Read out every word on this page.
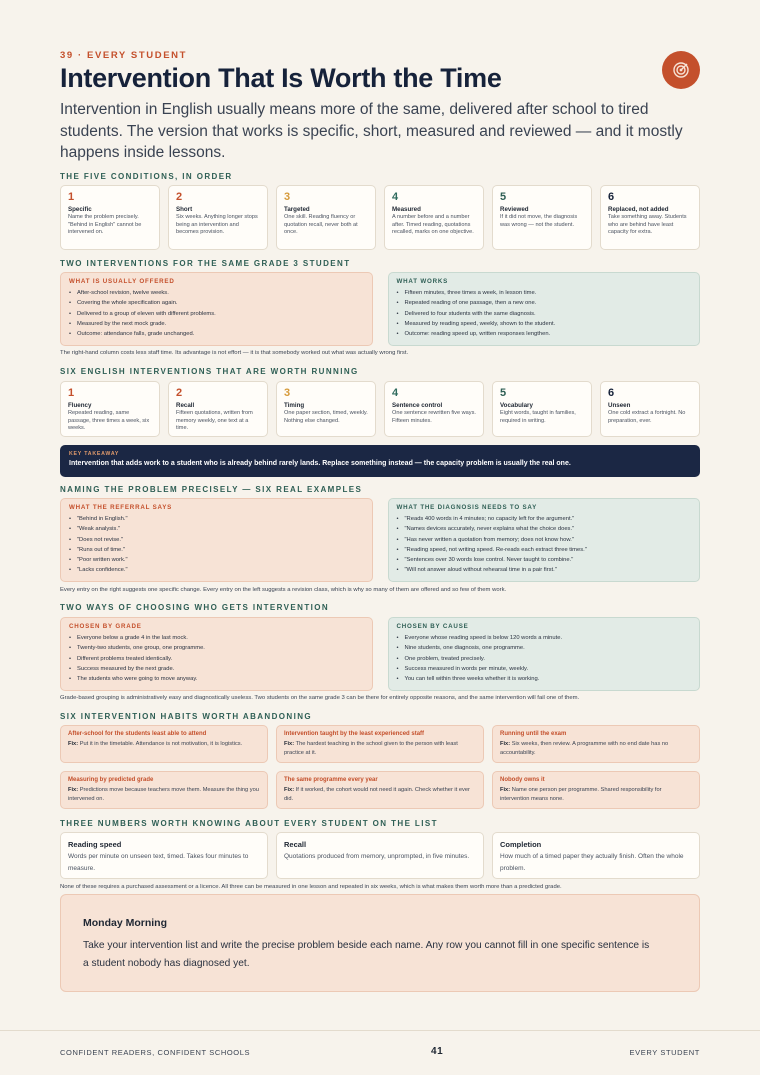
39 · EVERY STUDENT
Intervention That Is Worth the Time
Intervention in English usually means more of the same, delivered after school to tired students. The version that works is specific, short, measured and reviewed — and it mostly happens inside lessons.
THE FIVE CONDITIONS, IN ORDER
1
Specific
Name the problem precisely. "Behind in English" cannot be intervened on.
2
Short
Six weeks. Anything longer stops being an intervention and becomes provision.
3
Targeted
One skill. Reading fluency or quotation recall, never both at once.
4
Measured
A number before and a number after. Timed reading, quotations recalled, marks on one objective.
5
Reviewed
If it did not move, the diagnosis was wrong — not the student.
6
Replaced, not added
Take something away. Students who are behind have least capacity for extra.
TWO INTERVENTIONS FOR THE SAME GRADE 3 STUDENT
WHAT IS USUALLY OFFERED
• After-school revision, twelve weeks.
• Covering the whole specification again.
• Delivered to a group of eleven with different problems.
• Measured by the next mock grade.
• Outcome: attendance falls, grade unchanged.
WHAT WORKS
• Fifteen minutes, three times a week, in lesson time.
• Repeated reading of one passage, then a new one.
• Delivered to four students with the same diagnosis.
• Measured by reading speed, weekly, shown to the student.
• Outcome: reading speed up, written responses lengthen.
The right-hand column costs less staff time. Its advantage is not effort — it is that somebody worked out what was actually wrong first.
SIX ENGLISH INTERVENTIONS THAT ARE WORTH RUNNING
1
Fluency
Repeated reading, same passage, three times a week, six weeks.
2
Recall
Fifteen quotations, written from memory weekly, one text at a time.
3
Timing
One paper section, timed, weekly. Nothing else changed.
4
Sentence control
One sentence rewritten five ways. Fifteen minutes.
5
Vocabulary
Eight words, taught in families, required in writing.
6
Unseen
One cold extract a fortnight. No preparation, ever.
KEY TAKEAWAY
Intervention that adds work to a student who is already behind rarely lands. Replace something instead — the capacity problem is usually the real one.
NAMING THE PROBLEM PRECISELY — SIX REAL EXAMPLES
WHAT THE REFERRAL SAYS
• "Behind in English."
• "Weak analysis."
• "Does not revise."
• "Runs out of time."
• "Poor written work."
• "Lacks confidence."
WHAT THE DIAGNOSIS NEEDS TO SAY
• "Reads 400 words in 4 minutes; no capacity left for the argument."
• "Names devices accurately, never explains what the choice does."
• "Has never written a quotation from memory; does not know how."
• "Reading speed, not writing speed. Re-reads each extract three times."
• "Sentences over 30 words lose control. Never taught to combine."
• "Will not answer aloud without rehearsal time in a pair first."
Every entry on the right suggests one specific change. Every entry on the left suggests a revision class, which is why so many of them are offered and so few of them work.
TWO WAYS OF CHOOSING WHO GETS INTERVENTION
CHOSEN BY GRADE
• Everyone below a grade 4 in the last mock.
• Twenty-two students, one group, one programme.
• Different problems treated identically.
• Success measured by the next grade.
• The students who were going to move anyway.
CHOSEN BY CAUSE
• Everyone whose reading speed is below 120 words a minute.
• Nine students, one diagnosis, one programme.
• One problem, treated precisely.
• Success measured in words per minute, weekly.
• You can tell within three weeks whether it is working.
Grade-based grouping is administratively easy and diagnostically useless. Two students on the same grade 3 can be there for entirely opposite reasons, and the same intervention will fail one of them.
SIX INTERVENTION HABITS WORTH ABANDONING
After-school for the students least able to attend
Fix: Put it in the timetable. Attendance is not motivation, it is logistics.
Intervention taught by the least experienced staff
Fix: The hardest teaching in the school given to the person with least practice at it.
Running until the exam
Fix: Six weeks, then review. A programme with no end date has no accountability.
Measuring by predicted grade
Fix: Predictions move because teachers move them. Measure the thing you intervened on.
The same programme every year
Fix: If it worked, the cohort would not need it again. Check whether it ever did.
Nobody owns it
Fix: Name one person per programme. Shared responsibility for intervention means none.
THREE NUMBERS WORTH KNOWING ABOUT EVERY STUDENT ON THE LIST
Reading speed
Words per minute on unseen text, timed. Takes four minutes to measure.
Recall
Quotations produced from memory, unprompted, in five minutes.
Completion
How much of a timed paper they actually finish. Often the whole problem.
None of these requires a purchased assessment or a licence. All three can be measured in one lesson and repeated in six weeks, which is what makes them worth more than a predicted grade.
Monday Morning
Take your intervention list and write the precise problem beside each name. Any row you cannot fill in one specific sentence is a student nobody has diagnosed yet.
CONFIDENT READERS, CONFIDENT SCHOOLS	41	EVERY STUDENT
